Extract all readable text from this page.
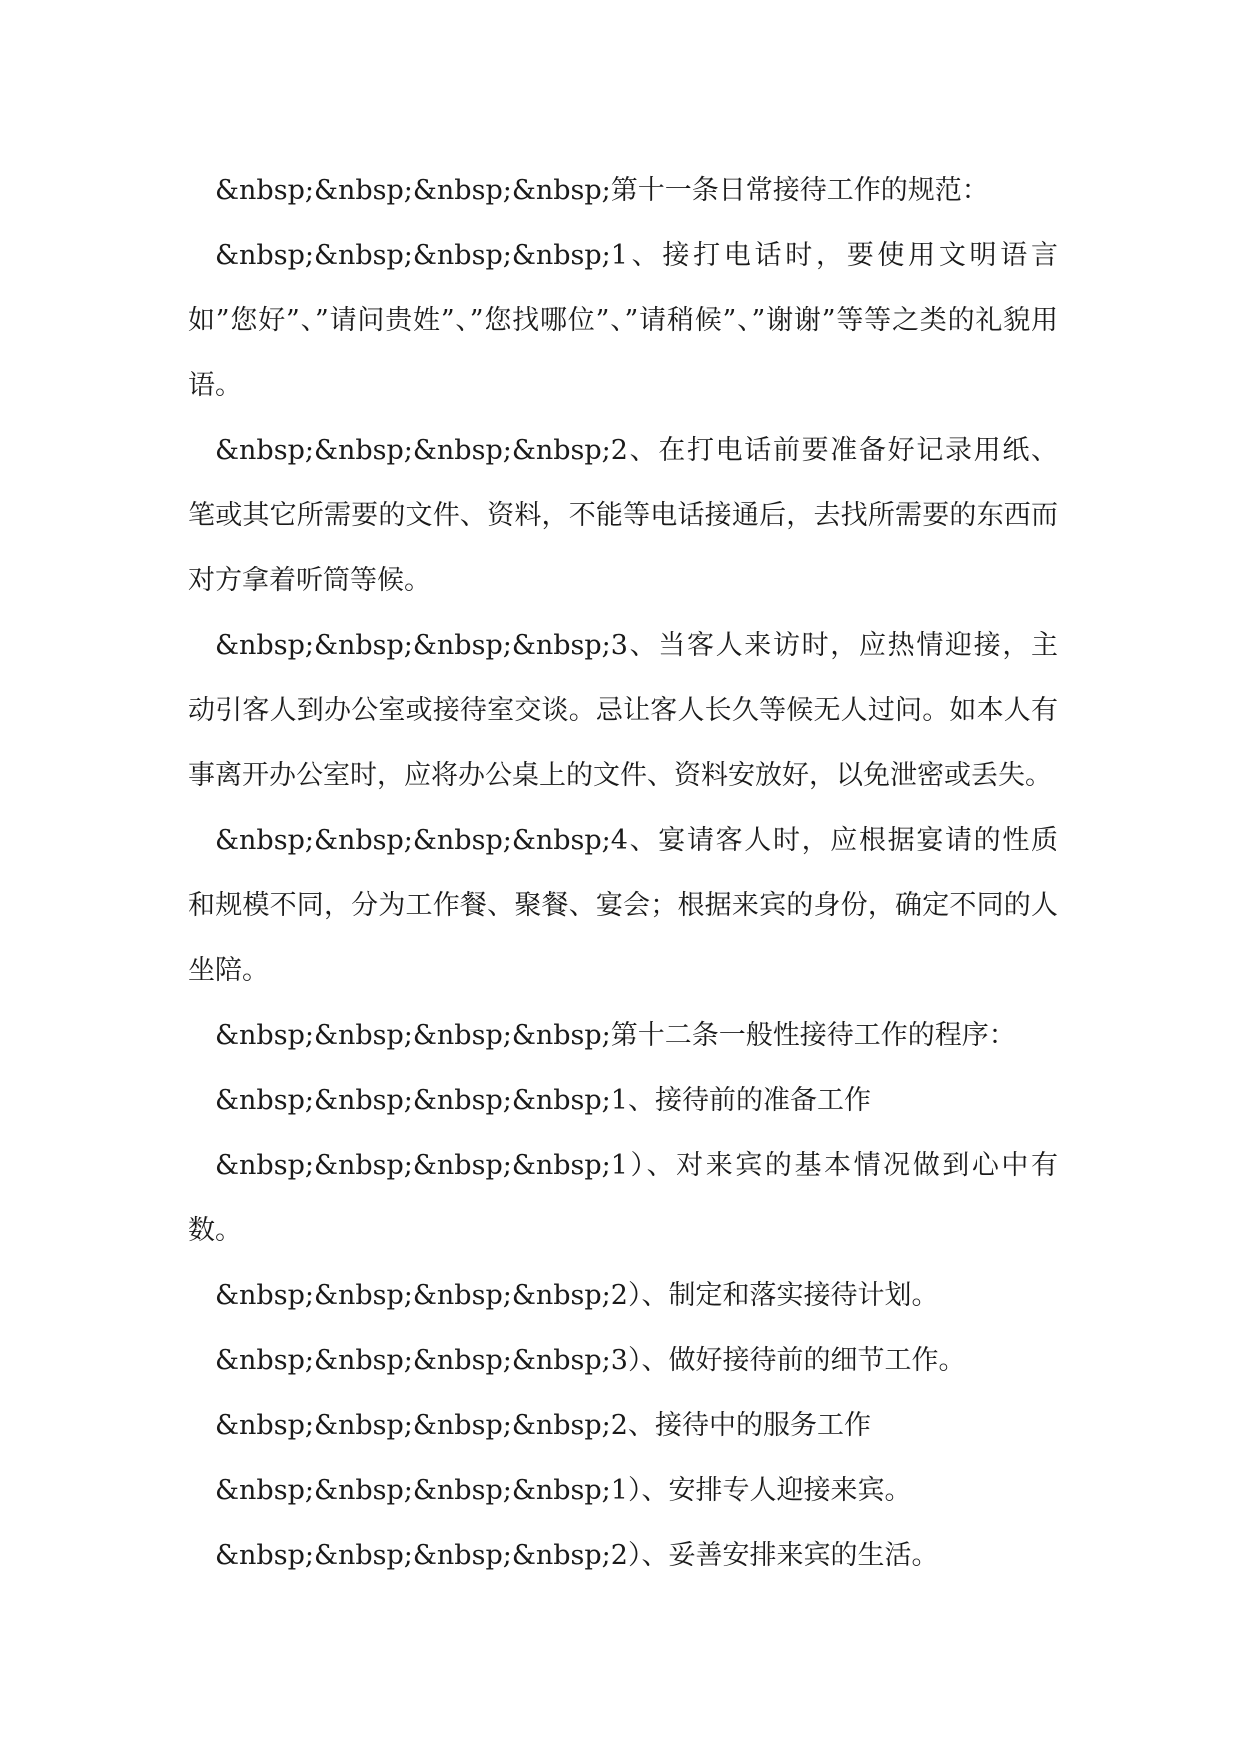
&nbsp;&nbsp;&nbsp;&nbsp;第十一条日常接待工作的规范：

&nbsp;&nbsp;&nbsp;&nbsp;1、接打电话时，要使用文明语言如”您好”、”请问贵姓”、”您找哪位”、”请稍候”、”谢谢”等等之类的礼貌用语。

&nbsp;&nbsp;&nbsp;&nbsp;2、在打电话前要准备好记录用纸、笔或其它所需要的文件、资料，不能等电话接通后，去找所需要的东西而对方拿着听筒等候。

&nbsp;&nbsp;&nbsp;&nbsp;3、当客人来访时，应热情迎接，主动引客人到办公室或接待室交谈。忌让客人长久等候无人过问。如本人有事离开办公室时，应将办公桌上的文件、资料安放好，以免泄密或丢失。

&nbsp;&nbsp;&nbsp;&nbsp;4、宴请客人时，应根据宴请的性质和规模不同，分为工作餐、聚餐、宴会；根据来宾的身份，确定不同的人坐陪。

&nbsp;&nbsp;&nbsp;&nbsp;第十二条一般性接待工作的程序：

&nbsp;&nbsp;&nbsp;&nbsp;1、接待前的准备工作

&nbsp;&nbsp;&nbsp;&nbsp;1）、对来宾的基本情况做到心中有数。

&nbsp;&nbsp;&nbsp;&nbsp;2）、制定和落实接待计划。

&nbsp;&nbsp;&nbsp;&nbsp;3）、做好接待前的细节工作。

&nbsp;&nbsp;&nbsp;&nbsp;2、接待中的服务工作

&nbsp;&nbsp;&nbsp;&nbsp;1）、安排专人迎接来宾。

&nbsp;&nbsp;&nbsp;&nbsp;2）、妥善安排来宾的生活。
